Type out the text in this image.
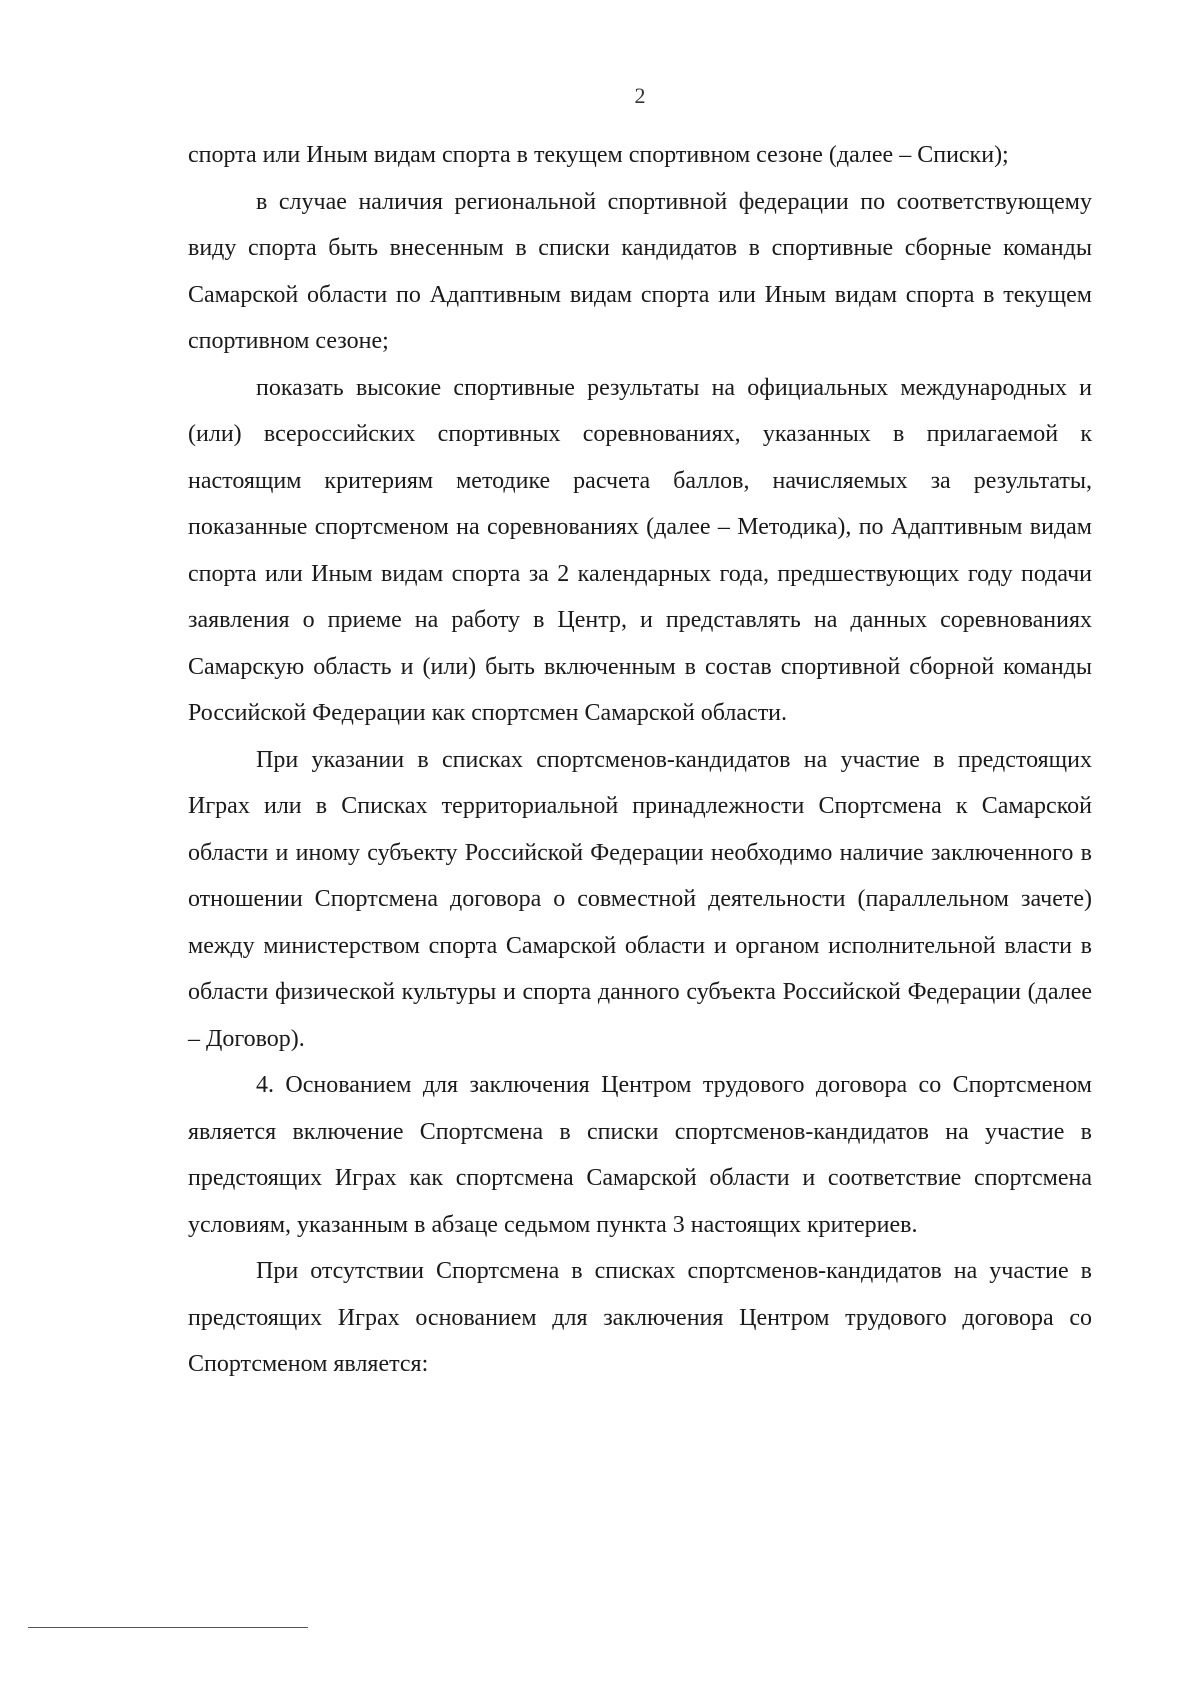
2

спорта или Иным видам спорта в текущем спортивном сезоне (далее – Списки);

в случае наличия региональной спортивной федерации по соответствующему виду спорта быть внесенным в списки кандидатов в спортивные сборные команды Самарской области по Адаптивным видам спорта или Иным видам спорта в текущем спортивном сезоне;

показать высокие спортивные результаты на официальных международных и (или) всероссийских спортивных соревнованиях, указанных в прилагаемой к настоящим критериям методике расчета баллов, начисляемых за результаты, показанные спортсменом на соревнованиях (далее – Методика), по Адаптивным видам спорта или Иным видам спорта за 2 календарных года, предшествующих году подачи заявления о приеме на работу в Центр, и представлять на данных соревнованиях Самарскую область и (или) быть включенным в состав спортивной сборной команды Российской Федерации как спортсмен Самарской области.

При указании в списках спортсменов-кандидатов на участие в предстоящих Играх или в Списках территориальной принадлежности Спортсмена к Самарской области и иному субъекту Российской Федерации необходимо наличие заключенного в отношении Спортсмена договора о совместной деятельности (параллельном зачете) между министерством спорта Самарской области и органом исполнительной власти в области физической культуры и спорта данного субъекта Российской Федерации (далее – Договор).

4. Основанием для заключения Центром трудового договора со Спортсменом является включение Спортсмена в списки спортсменов-кандидатов на участие в предстоящих Играх как спортсмена Самарской области и соответствие спортсмена условиям, указанным в абзаце седьмом пункта 3 настоящих критериев.

При отсутствии Спортсмена в списках спортсменов-кандидатов на участие в предстоящих Играх основанием для заключения Центром трудового договора со Спортсменом является:
